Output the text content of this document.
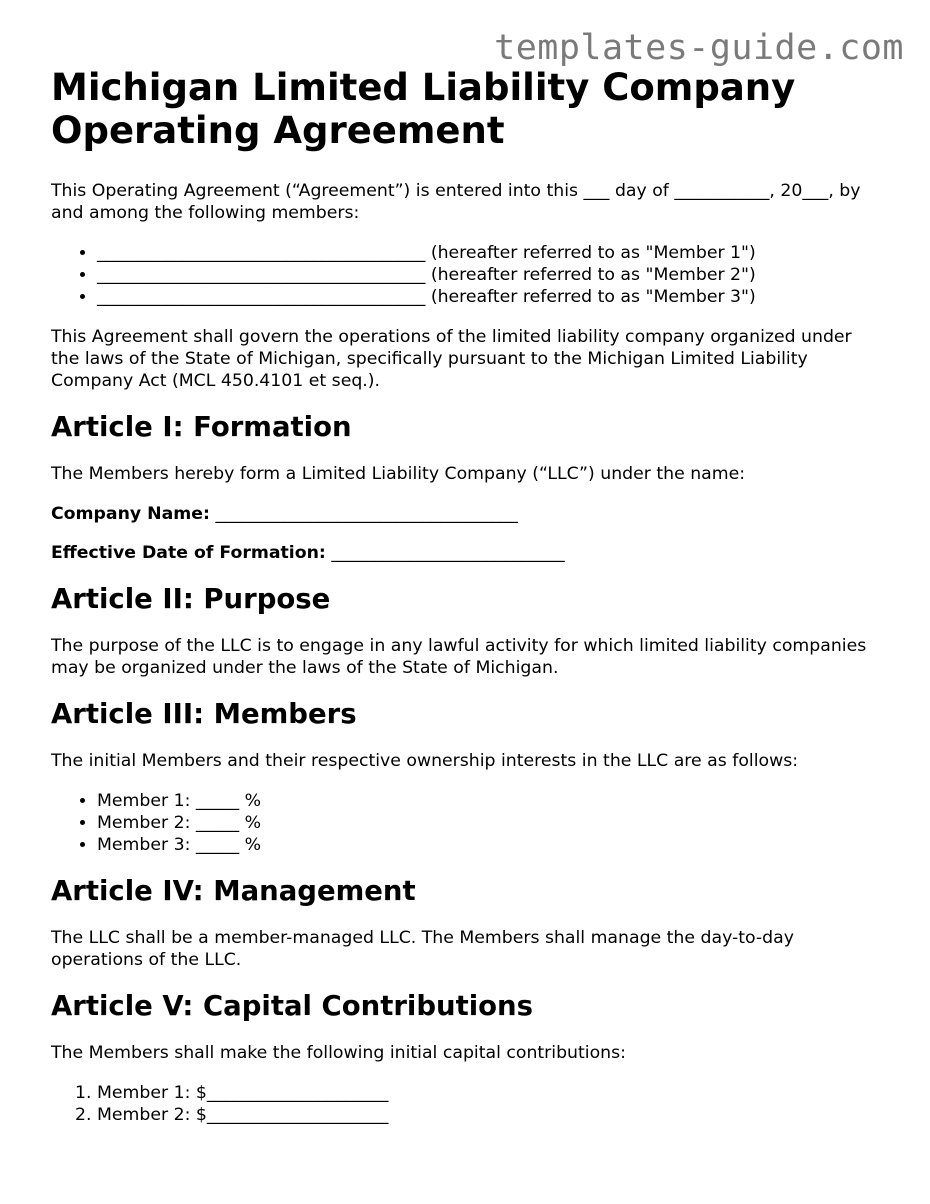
templates-guide.com
Michigan Limited Liability Company Operating Agreement

This Operating Agreement (“Agreement”) is entered into this ___ day of ___________, 20___, by and among the following members:

• ______________________________________ (hereafter referred to as "Member 1")
• ______________________________________ (hereafter referred to as "Member 2")
• ______________________________________ (hereafter referred to as "Member 3")

This Agreement shall govern the operations of the limited liability company organized under the laws of the State of Michigan, specifically pursuant to the Michigan Limited Liability Company Act (MCL 450.4101 et seq.).

Article I: Formation

The Members hereby form a Limited Liability Company (“LLC”) under the name:

Company Name: ___________________________________

Effective Date of Formation: ___________________________

Article II: Purpose

The purpose of the LLC is to engage in any lawful activity for which limited liability companies may be organized under the laws of the State of Michigan.

Article III: Members

The initial Members and their respective ownership interests in the LLC are as follows:

• Member 1: _____ %
• Member 2: _____ %
• Member 3: _____ %
Article IV: Management

The LLC shall be a member-managed LLC. The Members shall manage the day-to-day operations of the LLC.

Article V: Capital Contributions

The Members shall make the following initial capital contributions:

1. Member 1: $_____________________
2. Member 2: $_____________________
